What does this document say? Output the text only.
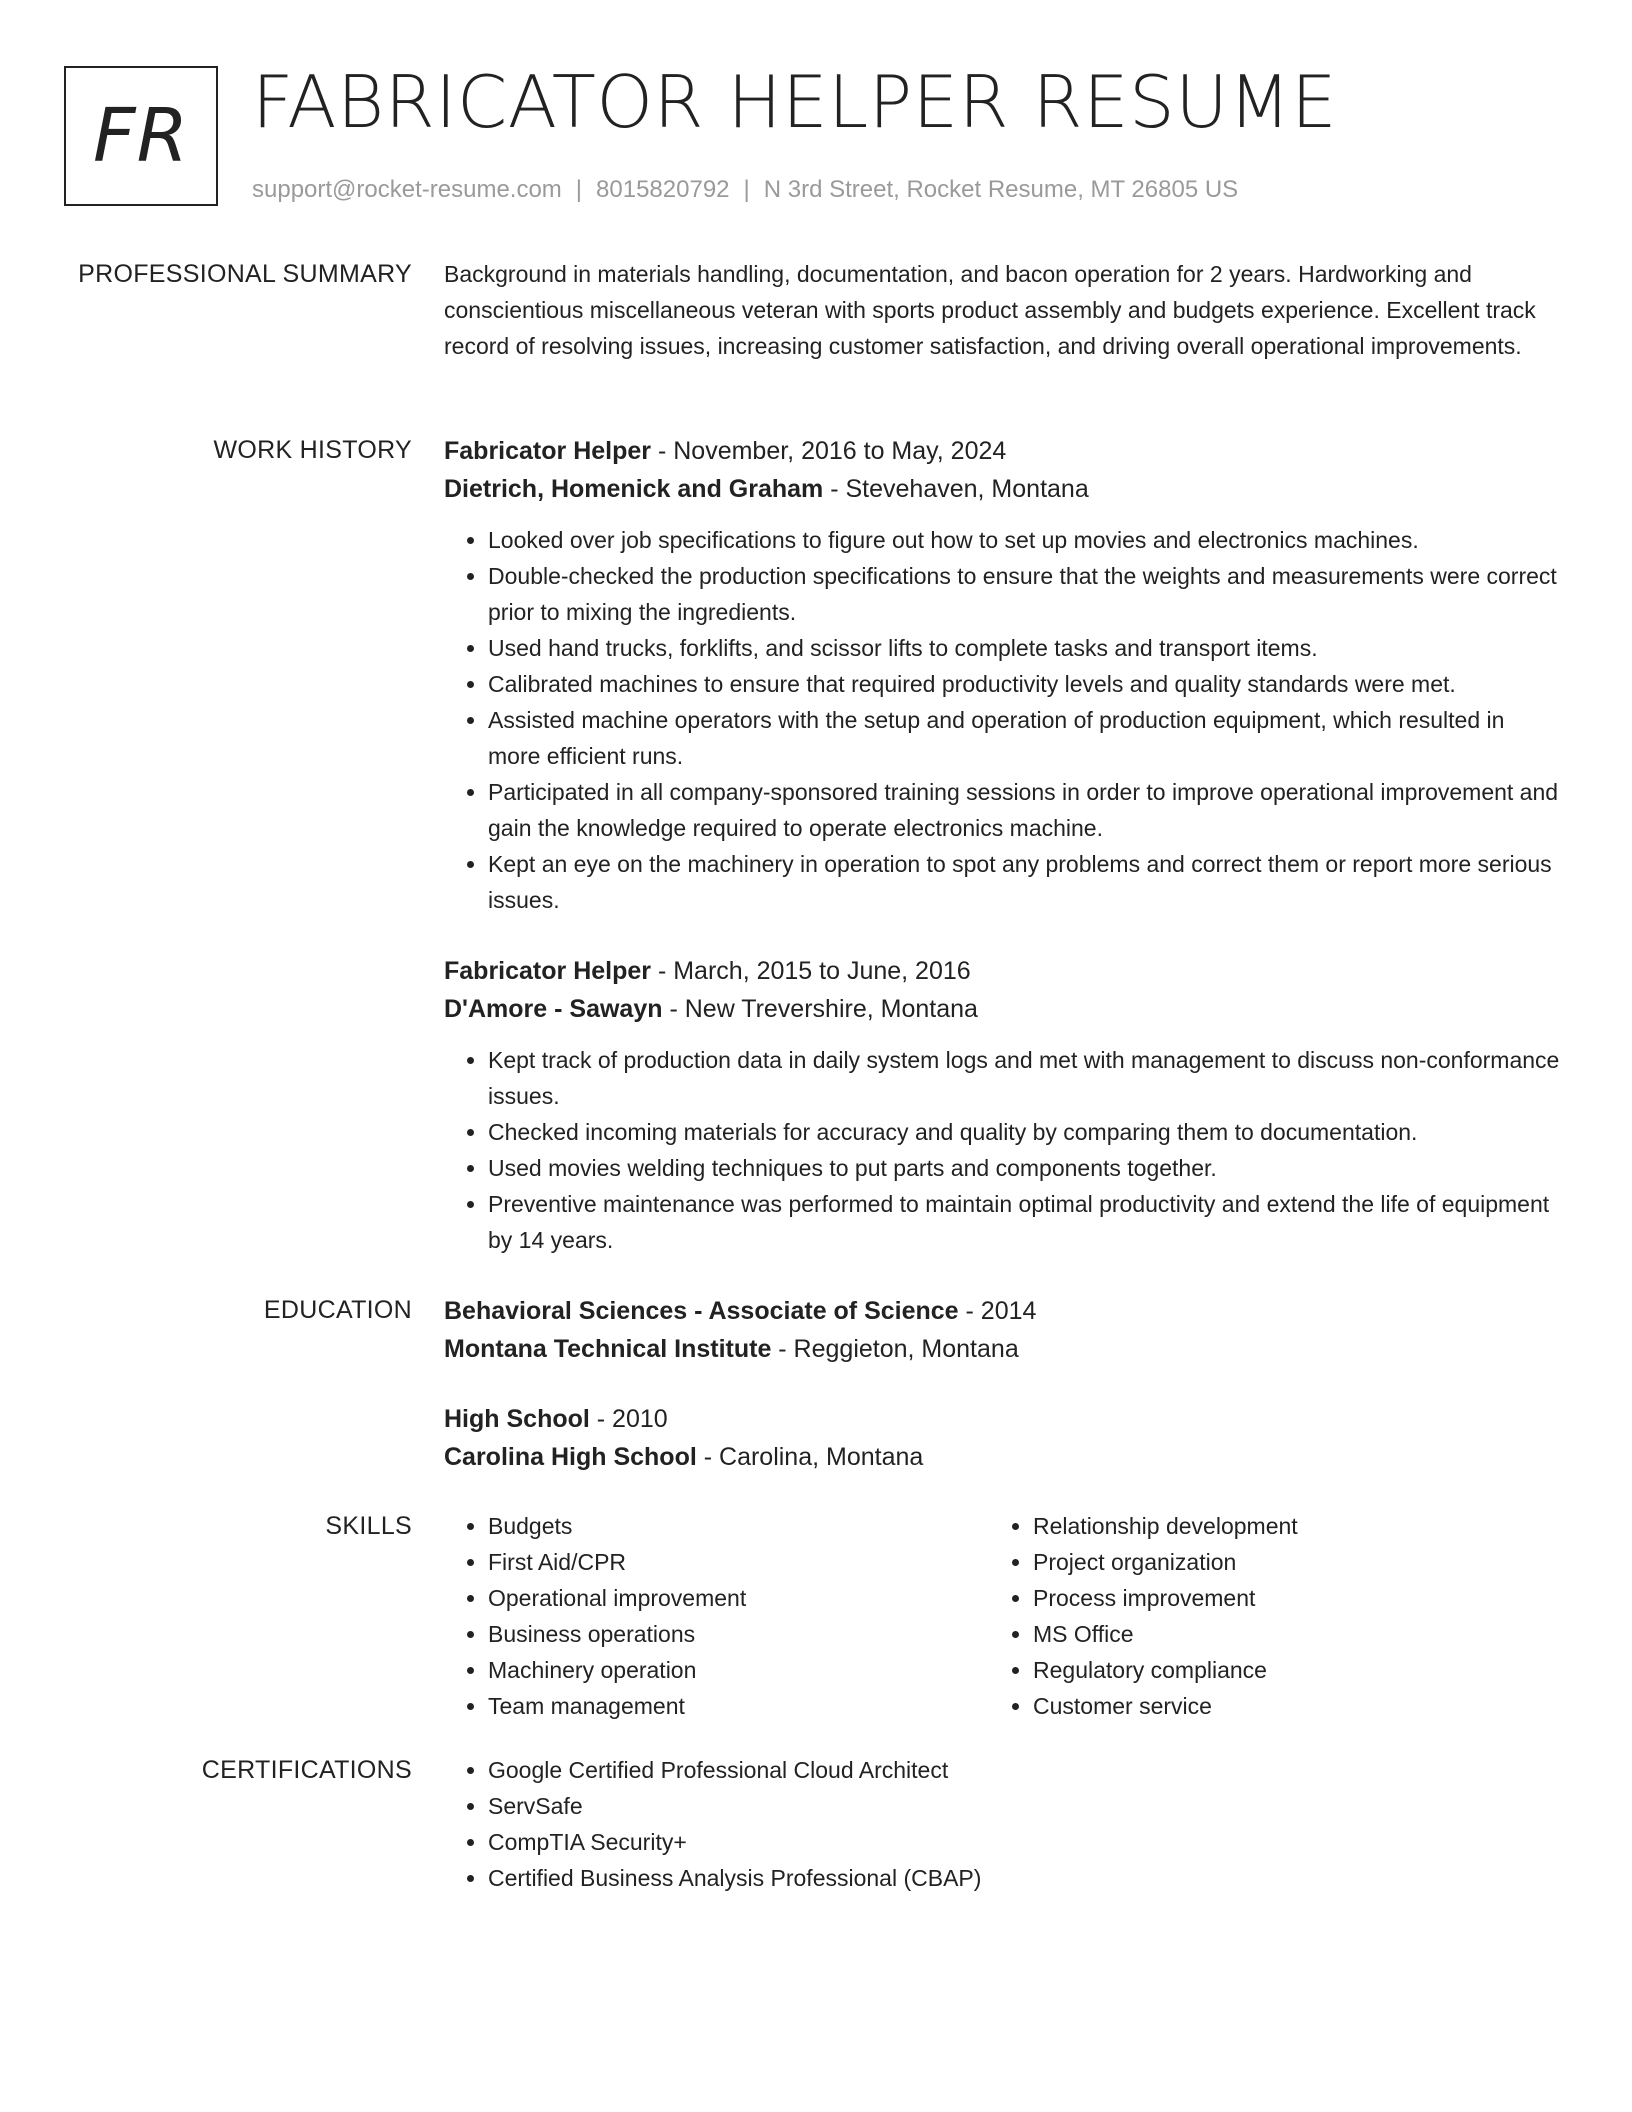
FR FABRICATOR HELPER RESUME
support@rocket-resume.com | 8015820792 | N 3rd Street, Rocket Resume, MT 26805 US
PROFESSIONAL SUMMARY Background in materials handling, documentation, and bacon operation for 2 years. Hardworking and conscientious miscellaneous veteran with sports product assembly and budgets experience. Excellent track record of resolving issues, increasing customer satisfaction, and driving overall operational improvements.

WORK HISTORY Fabricator Helper - November, 2016 to May, 2024

Dietrich, Homenick and Graham - Stevehaven, Montana

• Looked over job specifications to figure out how to set up movies and electronics machines.
• Double-checked the production specifications to ensure that the weights and measurements were correct prior to mixing the ingredients.
• Used hand trucks, forklifts, and scissor lifts to complete tasks and transport items.
• Calibrated machines to ensure that required productivity levels and quality standards were met.
• Assisted machine operators with the setup and operation of production equipment, which resulted in more efficient runs.
• Participated in all company-sponsored training sessions in order to improve operational improvement and gain the knowledge required to operate electronics machine.
• Kept an eye on the machinery in operation to spot any problems and correct them or report more serious issues.

Fabricator Helper - March, 2015 to June, 2016

D'Amore - Sawayn - New Trevershire, Montana

• Kept track of production data in daily system logs and met with management to discuss non-conformance issues.
• Checked incoming materials for accuracy and quality by comparing them to documentation.
• Used movies welding techniques to put parts and components together.
• Preventive maintenance was performed to maintain optimal productivity and extend the life of equipment by 14 years.
EDUCATION Behavioral Sciences - Associate of Science - 2014

Montana Technical Institute - Reggieton, Montana

High School - 2010

Carolina High School - Carolina, Montana

SKILLS	• Budgets
• First Aid/CPR
• Operational improvement
• Business operations
• Machinery operation
• Team management
• Relationship development
• Project organization
• Process improvement
• MS Office
• Regulatory compliance
• Customer service
CERTIFICATIONS	• Google Certified Professional Cloud Architect
• ServSafe
• CompTIA Security+
• Certified Business Analysis Professional (CBAP)
